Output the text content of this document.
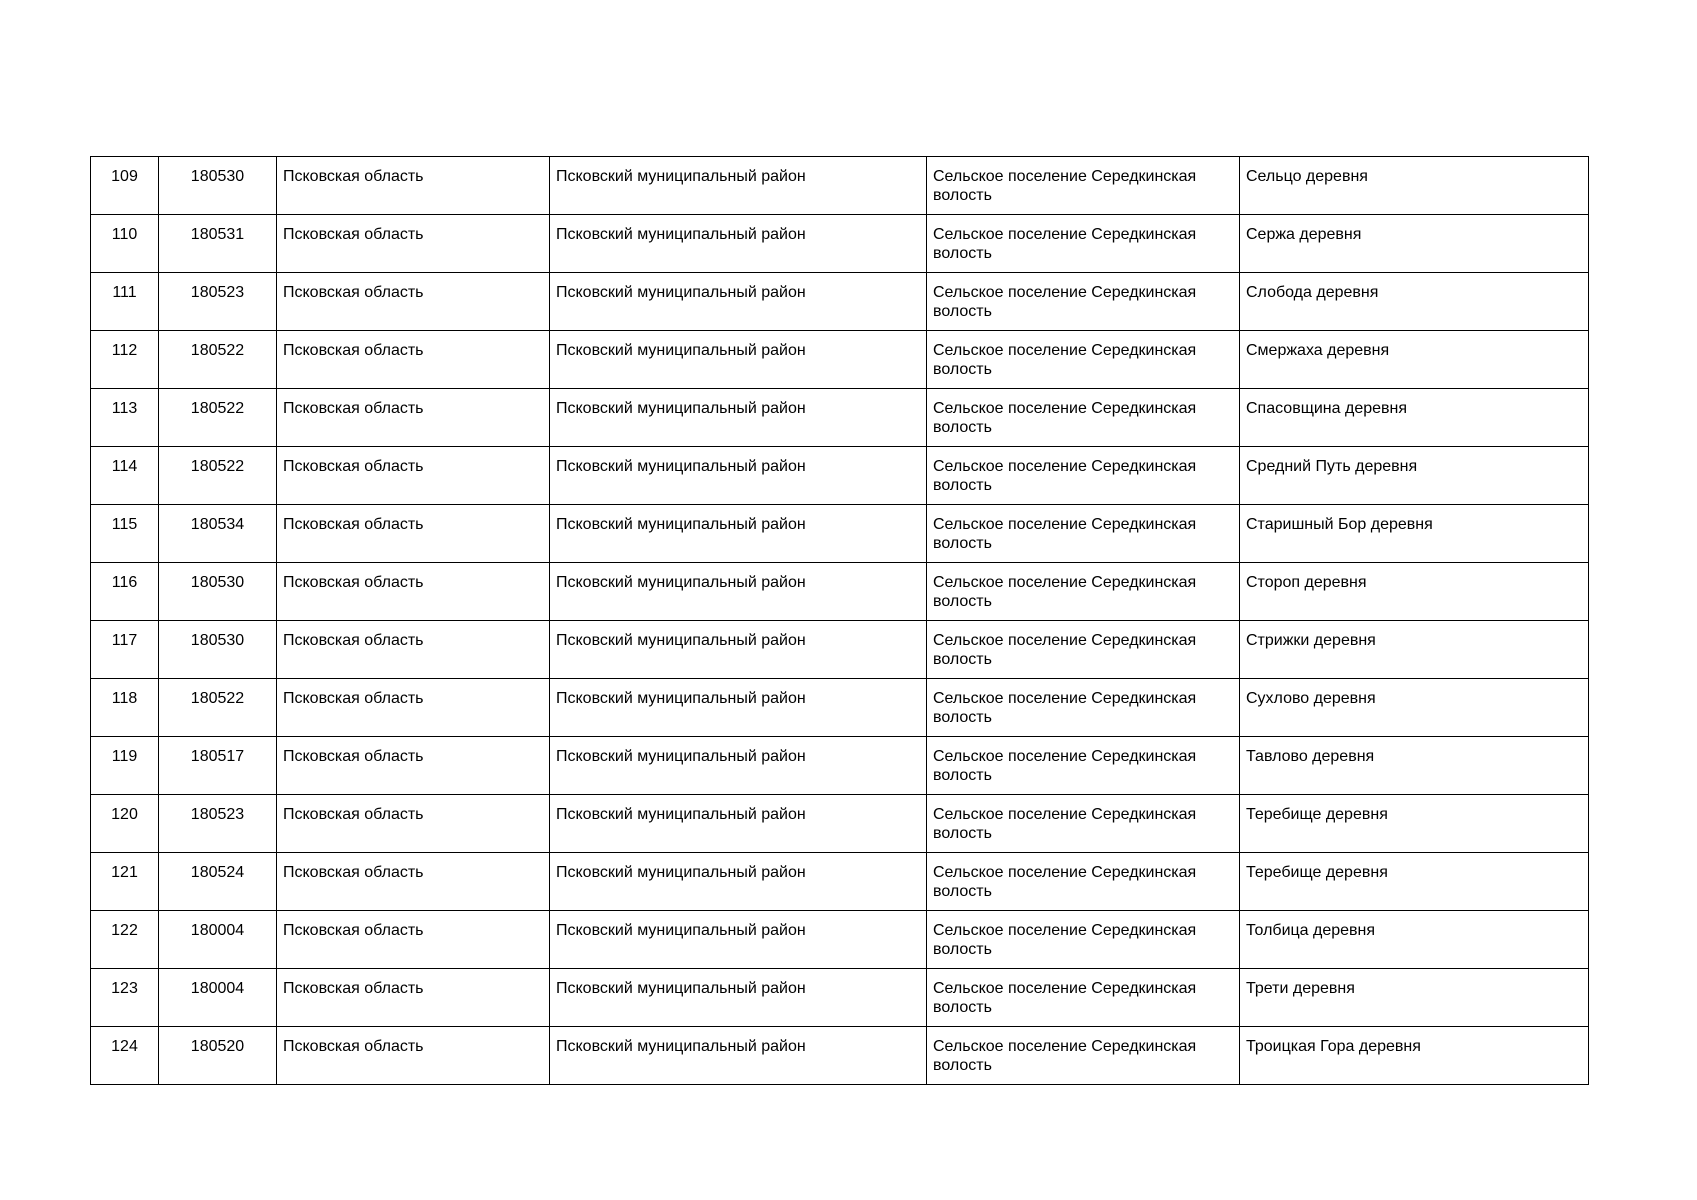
109	180530	Псковская область	Псковский муниципальный район	Сельское поселение Середкинская волость	Сельцо деревня
110	180531	Псковская область	Псковский муниципальный район	Сельское поселение Середкинская волость	Сержа деревня
111	180523	Псковская область	Псковский муниципальный район	Сельское поселение Середкинская волость	Слобода деревня
112	180522	Псковская область	Псковский муниципальный район	Сельское поселение Середкинская волость	Смержаха деревня
113	180522	Псковская область	Псковский муниципальный район	Сельское поселение Середкинская волость	Спасовщина деревня
114	180522	Псковская область	Псковский муниципальный район	Сельское поселение Середкинская волость	Средний Путь деревня
115	180534	Псковская область	Псковский муниципальный район	Сельское поселение Середкинская волость	Старишный Бор деревня
116	180530	Псковская область	Псковский муниципальный район	Сельское поселение Середкинская волость	Стороп деревня
117	180530	Псковская область	Псковский муниципальный район	Сельское поселение Середкинская волость	Стрижки деревня
118	180522	Псковская область	Псковский муниципальный район	Сельское поселение Середкинская волость	Сухлово деревня
119	180517	Псковская область	Псковский муниципальный район	Сельское поселение Середкинская волость	Тавлово деревня
120	180523	Псковская область	Псковский муниципальный район	Сельское поселение Середкинская волость	Теребище деревня
121	180524	Псковская область	Псковский муниципальный район	Сельское поселение Середкинская волость	Теребище деревня
122	180004	Псковская область	Псковский муниципальный район	Сельское поселение Середкинская волость	Толбица деревня
123	180004	Псковская область	Псковский муниципальный район	Сельское поселение Середкинская волость	Трети деревня
124	180520	Псковская область	Псковский муниципальный район	Сельское поселение Середкинская волость	Троицкая Гора деревня
